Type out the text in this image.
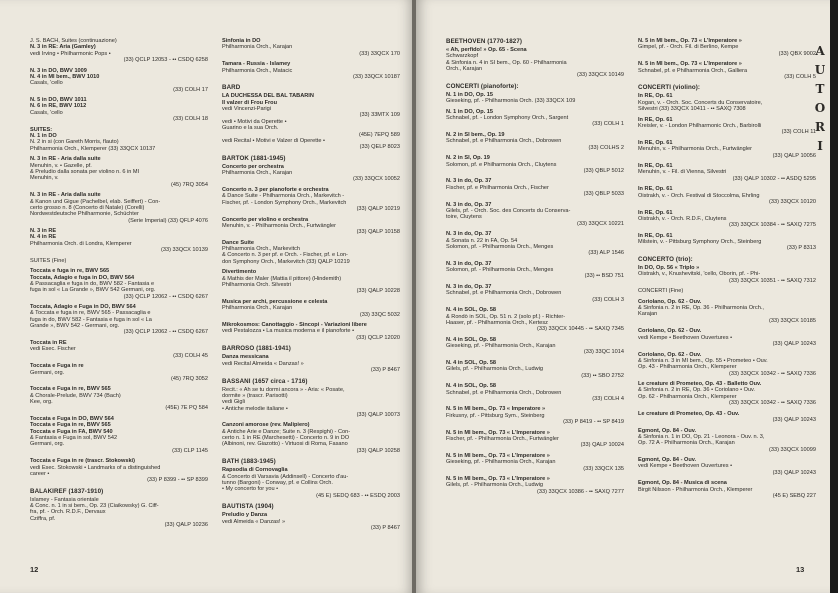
J. S. BACH, Suites (continuazione)
N. 3 in RE: Aria (Gamley)
vedi Irving • Philharmonic Pops •
(33) QCLP 12053 - •• CSDQ 6258
N. 3 in DO, BWV 1009
N. 4 in MI bem., BWV 1010
Casals, 'cello
(33) COLH 17
N. 5 in DO, BWV 1011
N. 6 in RE, BWV 1012
Casals, 'cello
(33) COLH 18
SUITES:
N. 1 in DO
N. 2 in si (con Gareth Morris, flauto)
Philharmonia Orch., Klemperer (33) 33QCX 10137
N. 3 in RE - Aria dalla suite
Menuhin, v. • Gazelle, pf.
& Preludio dalla sonata per violino n. 6 in MI
Menuhin, v.
(45) 7RQ 3054
N. 3 in RE - Aria dalla suite
& Kanon und Gigue (Pachelbel, elab. Seiffert) - Con-
certo grosso n. 8 (Concerto di Natale) (Corelli)
Nordwestdeutsche Philharmonie, Schüchter
(Serie Imperial) (33) QFLP 4076
N. 3 in RE
N. 4 in RE
Philharmonia Orch. di Londra, Klemperer
(33) 33QCX 10139
SUITES (Fine)
Toccata e fuga in re, BWV 565
Toccata, Adagio e fuga in DO, BWV 564
& Passacaglia e fuga in do, BWV 582 - Fantasia e
fuga in sol « La Grande », BWV 542 Germani, org.
(33) QCLP 12062 - •• CSDQ 6267
Toccata, Adagio e Fuga in DO, BWV 564
& Toccata e fuga in re, BWV 565 - Passacaglia e
fuga in do, BWV 582 - Fantasia e fuga in sol « La
Grande », BWV 542 - Germani, org.
(33) QCLP 12062 - •• CSDQ 6267
Toccata in RE
vedi Esec. Fischer
(33) COLH 45
Toccata e Fuga in re
Germani, org.
(45) 7RQ 3052
Toccata e Fuga in re, BWV 565
& Chorale-Prelude, BWV 734 (Bach)
Kee, org.
(45E) 7E PQ 584
Toccata e Fuga in DO, BWV 564
Toccata e Fuga in re, BWV 565
Toccata e Fuga in FA, BWV 540
& Fantasia e Fuga in sol, BWV 542
Germani, org.
(33) CLP 1145
Toccata e Fuga in re (trascr. Stokowski)
vedi Esec. Stokowski • Landmarks of a distinguished
career •
(33) P 8399 - •• SP 8399
BALAKIREF (1837-1910)
Islamey - Fantasia orientale
& Conc. n. 1 in si bem., Op. 23 (Ciaikowsky) G. Ciff-
fra, pf. - Orch. R.D.F., Dervaux
Cziffra, pf.
(33) QALP 10236
Sinfonia in DO
Philharmonia Orch., Karajan
(33) 33QCX 170
Tamara - Russia - Islamey
Philharmonia Orch., Matacic
(33) 33QCX 10187
BARD
LA DUCHESSA DEL BAL TABARIN
Il valzer di Frou Frou
vedi Vincenzi-Parigi
(33) 33MTX 109
vedi • Motivi da Operette •
Guarino e la sua Orch.
(45E) 7EPQ 589
vedi Recital • Motivi e Valzer di Operette •
(33) QELP 8023
BARTOK (1881-1945)
Concerto per orchestra
Philharmonia Orch., Karajan
(33) 33QCX 10052
Concerto n. 3 per pianoforte e orchestra
& Dance Suite - Philharmonia Orch., Markevitch -
Fischer, pf. - London Symphony Orch., Markevitch
(33) QALP 10219
Concerto per violino e orchestra
Menuhin, v. - Philharmonia Orch., Furtwängler
(33) QALP 10158
Dance Suite
Philharmonia Orch., Markevitch
& Concerto n. 3 per pf. e Orch. - Fischer, pf. e Lon-
don Symphony Orch., Markevitch (33) QALP 10219
Divertimento
& Mathis der Maler (Mattia il pittore) (Hindemith)
Philharmonia Orch. Silvestri
(33) QALP 10228
Musica per archi, percussione e celesta
Philharmonia Orch., Karajan
(33) 33QC 5032
Mikrokosmos: Canottaggio - Sincopi - Variazioni libere
vedi Pestalozza • La musica moderna e il pianoforte •
(33) QCLP 12020
BARROSO (1881-1941)
Danza messicana
vedi Recital Almeida « Danzas! »
(33) P 8467
BASSANI (1657 circa - 1716)
Recit.: « Ah se tu dormi ancora » - Aria: « Posate,
dormite » (trascr. Parisotti)
vedi Gigli
• Antiche melodie italiane •
(33) QALP 10073
Canzoni amorose (rev. Malipiero)
& Antiche Arie e Danze; Suite n. 3 (Respighi) - Con-
certo n. 1 in RE (Marchesetti) - Concerto n. 9 in DO
(Albinoni, rev. Giazotto) - Virtuosi di Roma, Fasano
(33) QALP 10258
BATH (1883-1945)
Rapsodia di Cornovaglia
& Concerto di Varsavia (Addinsell) - Concerto d'au-
tunno (Bargoni) - Conway, pf. e Collins Orch.
• My concerto for you •
(45 E) SEDQ 683 - •• ESDQ 2003
BAUTISTA (1904)
Preludio y Danza
vedi Almeida « Danzas! »
(33) P 8467
12
BEETHOVEN (1770-1827)
« Ah, perfido! » Op. 65 - Scena
Schwarzkopf
& Sinfonia n. 4 in SI bem., Op. 60 - Philharmonia
Orch., Karajan
(33) 33QCX 10149
CONCERTI (pianoforte):
N. 1 in DO, Op. 15
Gieseking, pf. - Philharmonia Orch. (33) 33QCX 109
N. 1 in DO, Op. 15
Schnabel, pf. - London Symphony Orch., Sargent
(33) COLH 1
N. 2 in SI bem., Op. 19
Schnabel, pf. e Philharmonia Orch., Dobrowen
(33) COLHS 2
N. 2 in SI, Op. 19
Solomon, pf. e Philharmonia Orch., Cluytens
(33) QBLP 5012
N. 3 in do, Op. 37
Fischer, pf. e Philharmonia Orch., Fischer
(33) QBLP 5033
N. 3 in do, Op. 37
Gilels, pf. - Orch. Soc. des Concerts du Conserva-
toire, Cluytens
(33) 33QCX 10221
N. 3 in do, Op. 37
& Sonata n. 22 in FA, Op. 54
Solomon, pf. - Philharmonia Orch., Menges
(33) ALP 1546
N. 3 in do, Op. 37
Solomon, pf. - Philharmonia Orch., Menges
(33) •• BSD 751
N. 3 in do, Op. 37
Schnabel, pf. e Philharmonia Orch., Dobrowen
(33) COLH 3
N. 4 in SOL, Op. 58
& Rondò in SOL, Op. 51 n. 2 (solo pf.) - Richter-
Haaser, pf. - Philharmonia Orch., Kertesz
(33) 33QCX 10445 - •• SAXQ 7345
N. 4 in SOL, Op. 58
Gieseking, pf. - Philharmonia Orch., Karajan
(33) 33QC 1014
N. 4 in SOL, Op. 58
Gilels, pf. - Philharmonia Orch., Ludwig
(33) •• SBO 2752
N. 4 in SOL, Op. 58
Schnabel, pf. e Philharmonia Orch., Dobrowen
(33) COLH 4
N. 5 in MI bem., Op. 73 « Imperatore »
Firkusny, pf. - Pittsburg Sym., Steinberg
(33) P 8419 - •• SP 8419
N. 5 in MI bem., Op. 73 « L'Imperatore »
Fischer, pf. - Philharmonia Orch., Furtwängler
(33) QALP 10024
N. 5 in MI bem., Op. 73 « L'Imperatore »
Gieseking, pf. - Philharmonia Orch., Karajan
(33) 33QCX 135
N. 5 in MI bem., Op. 73 « L'Imperatore »
Gilels, pf. - Philharmonia Orch., Ludwig
(33) 33QCX 10386 - •• SAXQ 7277
N. 5 in MI bem., Op. 73 « L'Imperatore »
Gimpel, pf. - Orch. Fil. di Berlino, Kempe
(33) QBX 9002
N. 5 in MI bem., Op. 73 « L'Imperatore »
Schnabel, pf. e Philharmonia Orch., Galliera
(33) COLH 5
CONCERTI (violino):
In RE, Op. 61
Kogan, v. - Orch. Soc. Concerts du Conservatoire,
Silvestri (33) 33QCX 10411 - •• SAXQ 7308
In RE, Op. 61
Kreisler, v. - London Philharmonic Orch., Barbirolli
(33) COLH 11
In RE, Op. 61
Menuhin, v. - Philharmonia Orch., Furtwängler
(33) QALP 10056
In RE, Op. 61
Menuhin, v. - Fil. di Vienna, Silvestri
(33) QALP 10302 - •• ASDQ 5295
In RE, Op. 61
Oistrakh, v. - Orch. Festival di Stoccolma, Ehrling
(33) 33QCX 10120
In RE, Op. 61
Oistrakh, v. - Orch. R.D.F., Cluytens
(33) 33QCX 10384 - •• SAXQ 7275
In RE, Op. 61
Milstein, v. - Pittsburg Symphony Orch., Steinberg
(33) P 8313
CONCERTO (trio):
In DO, Op. 56 « Triplo »
Oistrakh, v., Knushevitski, 'cello, Oborin, pf. - Phi-
(33) 33QCX 10351 - •• SAXQ 7312
CONCERTI (Fine)
Coriolano, Op. 62 - Ouv.
& Sinfonia n. 2 in RE, Op. 36 - Philharmonia Orch.,
Karajan
(33) 33QCX 10185
Coriolano, Op. 62 - Ouv.
vedi Kempe • Beethoven Ouvertures •
(33) QALP 10243
Coriolano, Op. 62 - Ouv.
& Sinfonia n. 3 in MI bem., Op. 55 • Prometeo • Ouv.
Op. 43 - Philharmonia Orch., Klemperer
(33) 33QCX 10342 - •• SAXQ 7336
Le creature di Prometeo, Op. 43 - Balletto Ouv.
& Sinfonia n. 2 in RE, Op. 36 • Coriolano • Ouv.
Op. 62 - Philharmonia Orch., Klemperer
(33) 33QCX 10342 - •• SAXQ 7336
Le creature di Prometeo, Op. 43 - Ouv.
(33) QALP 10243
Egmont, Op. 84 - Ouv.
& Sinfonia n. 1 in DO, Op. 21 - Leonora - Ouv. n. 3,
Op. 72 A - Philharmonia Orch., Karajan
(33) 33QCX 10099
Egmont, Op. 84 - Ouv.
vedi Kempe • Beethoven Ouvertures •
(33) QALP 10243
Egmont, Op. 84 - Musica di scena
Birgit Nilsson - Philharmonia Orch., Klemperer
(45 E) SEBQ 227
13
A
U
T
O
R
I
